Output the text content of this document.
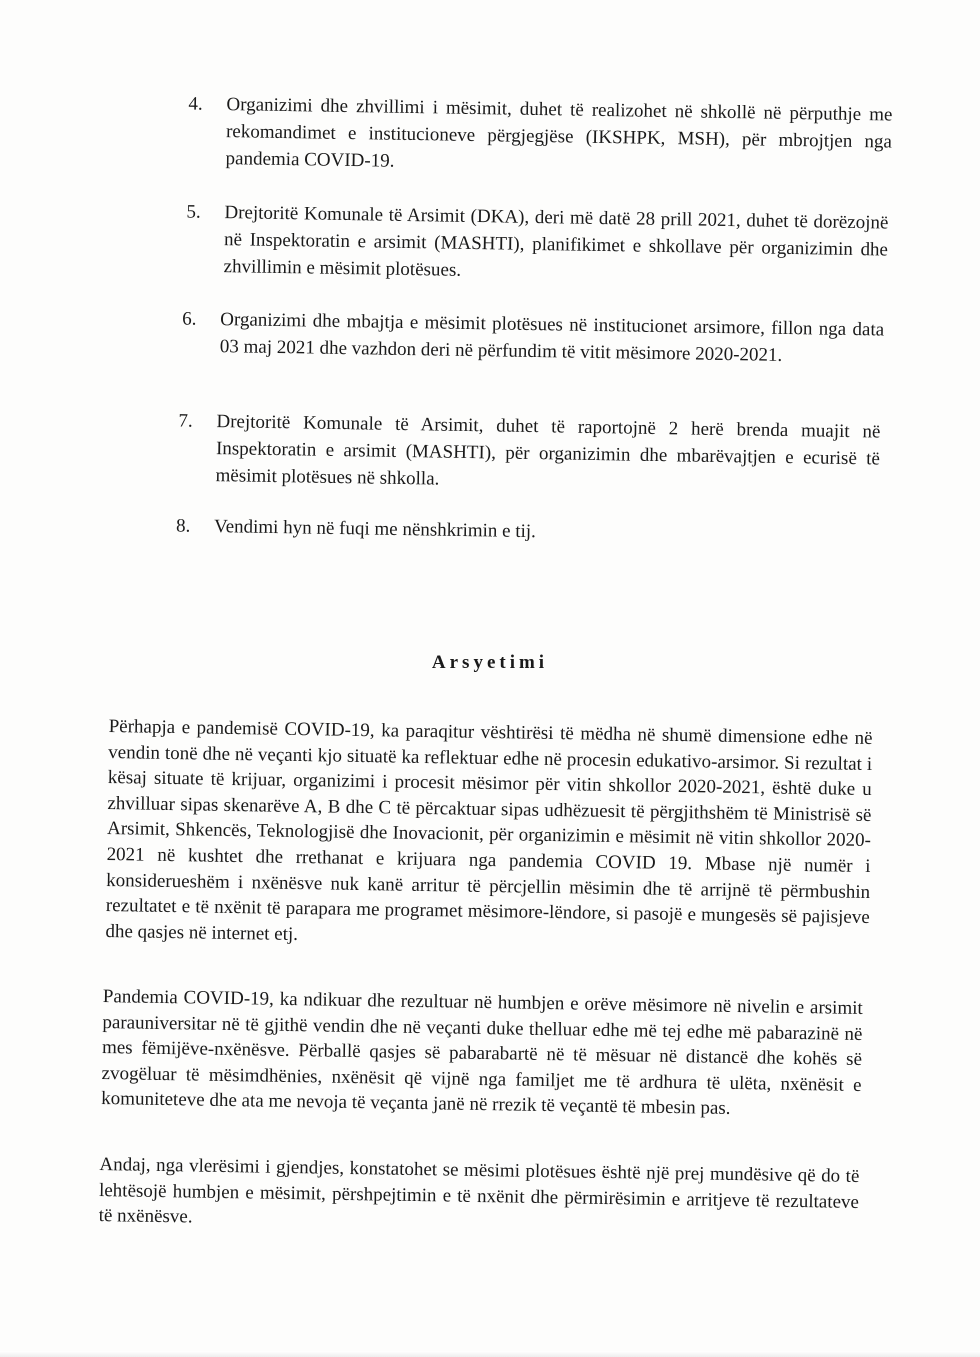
4.	Organizimi dhe zhvillimi i mësimit, duhet të realizohet në shkollë në përputhje me rekomandimet e institucioneve përgjegjëse (IKSHPK, MSH), për mbrojtjen nga pandemia COVID-19.
5.	Drejtoritë Komunale të Arsimit (DKA), deri më datë 28 prill 2021, duhet të dorëzojnë në Inspektoratin e arsimit (MASHTI), planifikimet e shkollave për organizimin dhe zhvillimin e mësimit plotësues.
6.	Organizimi dhe mbajtja e mësimit plotësues në institucionet arsimore, fillon nga data 03 maj 2021 dhe vazhdon deri në përfundim të vitit mësimore 2020-2021.
7.	Drejtoritë Komunale të Arsimit, duhet të raportojnë 2 herë brenda muajit në Inspektoratin e arsimit (MASHTI), për organizimin dhe mbarëvajtjen e ecurisë të mësimit plotësues në shkolla.
8.	Vendimi hyn në fuqi me nënshkrimin e tij.
Arsyetimi
Përhapja e pandemisë COVID-19, ka paraqitur vështirësi të mëdha në shumë dimensione edhe në vendin tonë dhe në veçanti kjo situatë ka reflektuar edhe në procesin edukativo-arsimor. Si rezultat i kësaj situate të krijuar, organizimi i procesit mësimor për vitin shkollor 2020-2021, është duke u zhvilluar sipas skenarëve A, B dhe C të përcaktuar sipas udhëzuesit të përgjithshëm të Ministrisë së Arsimit, Shkencës, Teknologjisë dhe Inovacionit, për organizimin e mësimit në vitin shkollor 2020-2021 në kushtet dhe rrethanat e krijuara nga pandemia COVID 19. Mbase një numër i konsiderueshëm i nxënësve nuk kanë arritur të përcjellin mësimin dhe të arrijnë të përmbushin rezultatet e të nxënit të parapara me programet mësimore-lëndore, si pasojë e mungesës së pajisjeve dhe qasjes në internet etj.
Pandemia COVID-19, ka ndikuar dhe rezultuar në humbjen e orëve mësimore në nivelin e arsimit parauniversitar në të gjithë vendin dhe në veçanti duke thelluar edhe më tej edhe më pabarazinë në mes fëmijëve-nxënësve. Përballë qasjes së pabarabartë në të mësuar në distancë dhe kohës së zvogëluar të mësimdhënies, nxënësit që vijnë nga familjet me të ardhura të ulëta, nxënësit e komuniteteve dhe ata me nevoja të veçanta janë në rrezik të veçantë të mbesin pas.
Andaj, nga vlerësimi i gjendjes, konstatohet se mësimi plotësues është një prej mundësive që do të lehtësojë humbjen e mësimit, përshpejtimin e të nxënit dhe përmirësimin e arritjeve të rezultateve të nxënësve.
